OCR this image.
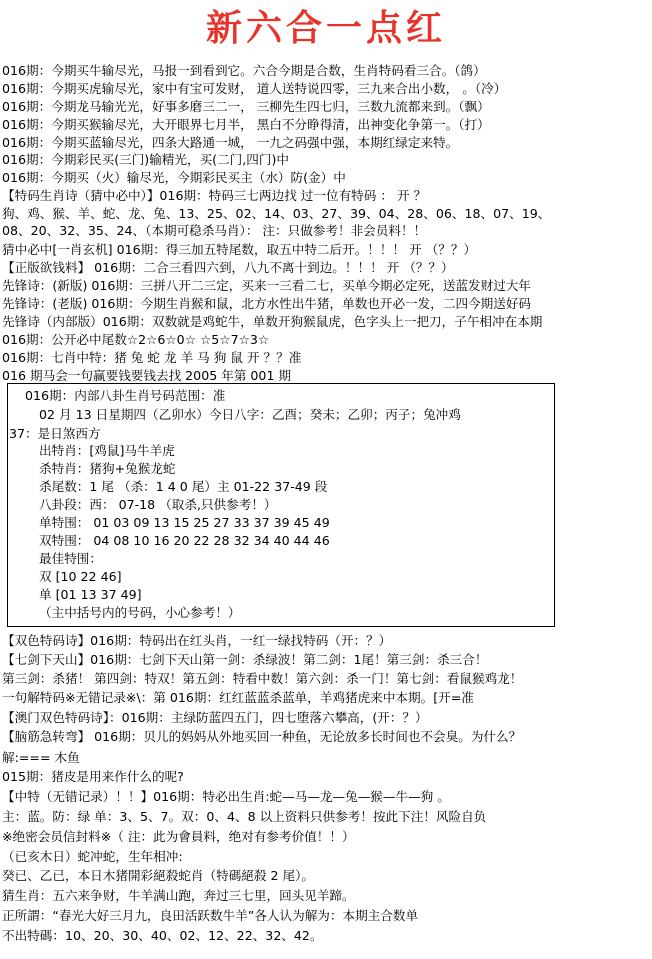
新六合一点红
016期：今期买牛输尽光，马报一到看到它。六合今期是合数，生肖特码看三合。（鸽）
016期：今期买虎输尽光，家中有宝可发财， 道人送特说四零，三九来合出小数， 。（冷）
016期：今期龙马输光光，好事多磨三二一， 三柳先生四七归，三数九流都来到。（飘）
016期：今期买猴输尽光，大开眼界七月半， 黑白不分睁得清，出神变化争第一。（打）
016期：今期买蓝输尽光，四条大路通一城， 一九之码强中强，本期红绿定来特。
016期：今期彩民买(三门)输精光，买(二门,四门)中
016期：今期买（火）输尽光，今期彩民买主（水）防(金）中
【特码生肖诗（猜中必中）】016期：特码三七两边找 过一位有特码 ： 开 ？
狗、鸡、猴、羊、蛇、龙、兔、13、25、02、14、03、27、39、04、28、06、18、07、19、
08、20、32、35、24、（本期可稳杀马肖）： 注：只做参考！非会员料！！
猜中必中[一肖玄机] 016期：得三加五特尾数，取五中特二后开。！！！ 开 （？？）
【正版欲钱料】 016期：二合三看四六到，八九不离十到边。！！！ 开 （？？）
先锋诗：(新版) 016期：三拼八开二三定，买来一三看二七，买单今期必定死，送蓝发财过大年
先锋诗：(老版) 016期：今期生肖猴和鼠，北方水性出牛猪，单数也开必一发，二四今期送好码
先锋诗（内部版）016期：双数就是鸡蛇牛，单数开狗猴鼠虎，色字头上一把刀，子午相冲在本期
016期：公开必中尾数☆2☆6☆0☆ ☆5☆7☆3☆
016期：七肖中特：猪 兔 蛇 龙 羊 马 狗 鼠 开 ？？准
016 期马会一句赢要钱要钱去找 2005 年第 001 期
016期：内部八卦生肖号码范围：准
02 月 13 日星期四（乙卯水）今日八字：乙酉；癸未；乙卯；丙子；兔冲鸡
37：是日煞西方
出特肖：[鸡鼠]马牛羊虎
杀特肖：猪狗+兔猴龙蛇
杀尾数：1 尾 （杀：1 4 0 尾）主 01-22 37-49 段
八卦段：西： 07-18 （取杀,只供参考！）
单特围： 01 03 09 13 15 25 27 33 37 39 45 49
双特围： 04 08 10 16 20 22 28 32 34 40 44 46
最佳特围：
双 [10 22 46]
单 [01 13 37 49]
（主中括号内的号码，小心参考！）
【双色特码诗】016期：特码出在红头肖，一红一绿找特码（开：？）
【七剑下天山】016期：七剑下天山第一剑：杀绿波！第二剑：1尾！第三剑：杀三合！
第三剑：杀猪！ 第四剑：特双！第五剑：特看中数！第六剑：杀一门！第七剑：看鼠猴鸡龙！
一句解特码※无错记录※\：第 016期：红红蓝蓝杀蓝单，羊鸡猪虎来中本期。[开=准
【澳门双色特码诗】：016期：主绿防蓝四五门，四七堕落六攀高，(开：？）
【脑筋急转弯】 016期：贝儿的妈妈从外地买回一种鱼，无论放多长时间也不会臭。为什么？
解:=== 木鱼
015期：猪皮是用来作什么的呢?
【中特（无错记录）！！】016期：特必出生肖:蛇—马—龙—兔—猴—牛—狗 。
主：蓝。防：绿 单：3、5、7。双：0、4、8 以上资料只供参考！按此下注！风险自负
※绝密会员信封料※（ 注：此为會員料，绝对有参考价值！！）
（已亥木日）蛇冲蛇，生年相冲:
癸已、乙已，本日木猪開彩絕殺蛇肖（特碼絕殺 2 尾）。
猜生肖：五六来争财，牛羊满山跑，奔过三七里，回头见羊蹄。
正所謂：“春光大好三月九，良田活跃数牛羊”各人认为解为：本期主合数单
不出特碼：10、20、30、40、02、12、22、32、42。
